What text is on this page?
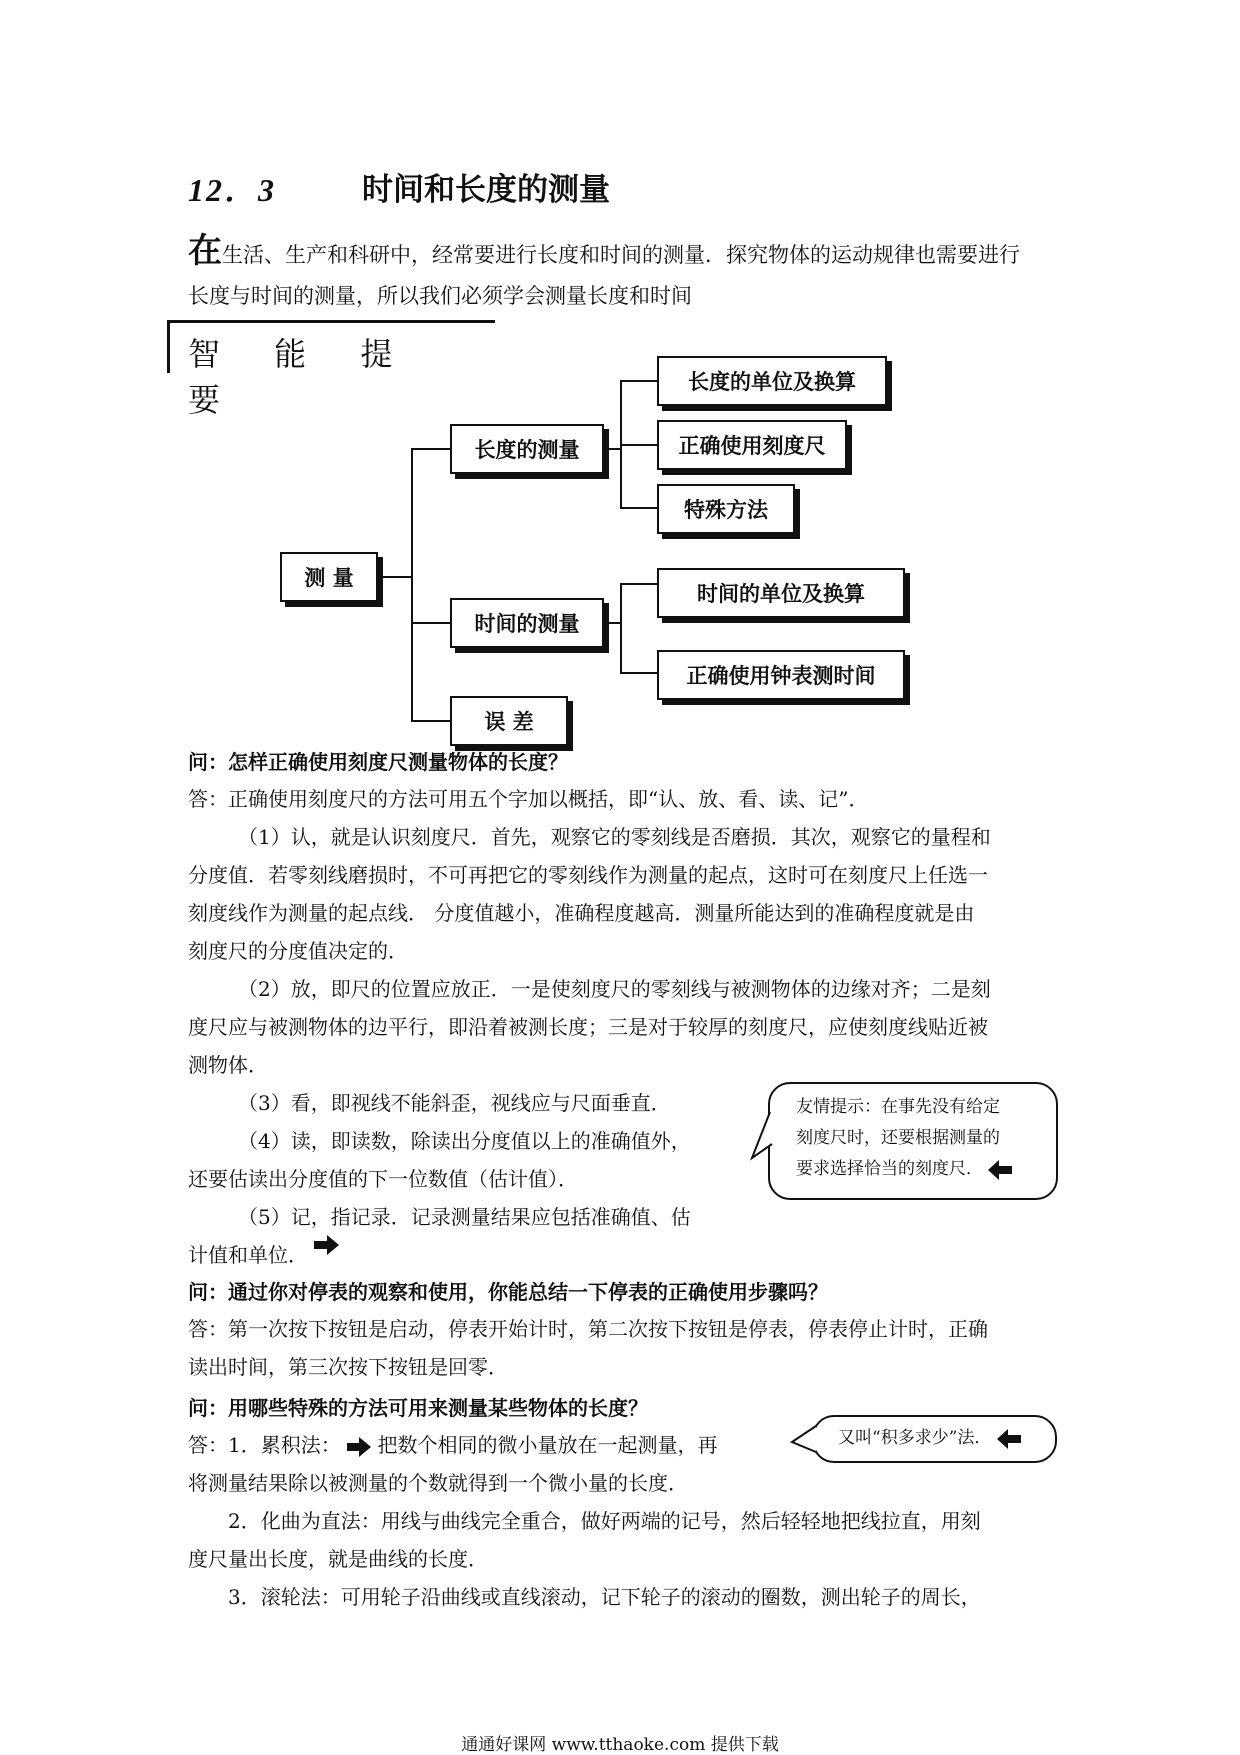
12．3	时间和长度的测量
在生活、生产和科研中，经常要进行长度和时间的测量．探究物体的运动规律也需要进行
长度与时间的测量，所以我们必须学会测量长度和时间
智 能 提 要
测 量
长度的测量
时间的测量
误 差
长度的单位及换算
正确使用刻度尺
特殊方法
时间的单位及换算
正确使用钟表测时间
问：怎样正确使用刻度尺测量物体的长度？
答：正确使用刻度尺的方法可用五个字加以概括，即“认、放、看、读、记”．
（1）认，就是认识刻度尺．首先，观察它的零刻线是否磨损．其次，观察它的量程和
分度值．若零刻线磨损时，不可再把它的零刻线作为测量的起点，这时可在刻度尺上任选一
刻度线作为测量的起点线． 分度值越小，准确程度越高．测量所能达到的准确程度就是由
刻度尺的分度值决定的．
（2）放，即尺的位置应放正．一是使刻度尺的零刻线与被测物体的边缘对齐；二是刻
度尺应与被测物体的边平行，即沿着被测长度；三是对于较厚的刻度尺，应使刻度线贴近被
测物体．
（3）看，即视线不能斜歪，视线应与尺面垂直．
（4）读，即读数，除读出分度值以上的准确值外，
还要估读出分度值的下一位数值（估计值）．
（5）记，指记录．记录测量结果应包括准确值、估
计值和单位．
友情提示：在事先没有给定
刻度尺时，还要根据测量的
要求选择恰当的刻度尺．
问：通过你对停表的观察和使用，你能总结一下停表的正确使用步骤吗？
答：第一次按下按钮是启动，停表开始计时，第二次按下按钮是停表，停表停止计时，正确
读出时间，第三次按下按钮是回零．
问：用哪些特殊的方法可用来测量某些物体的长度？
答：1．累积法：  把数个相同的微小量放在一起测量，再
将测量结果除以被测量的个数就得到一个微小量的长度．
又叫“积多求少”法．
2．化曲为直法：用线与曲线完全重合，做好两端的记号，然后轻轻地把线拉直，用刻
度尺量出长度，就是曲线的长度．
3．滚轮法：可用轮子沿曲线或直线滚动，记下轮子的滚动的圈数，测出轮子的周长，
通通好课网 www.tthaoke.com 提供下载
